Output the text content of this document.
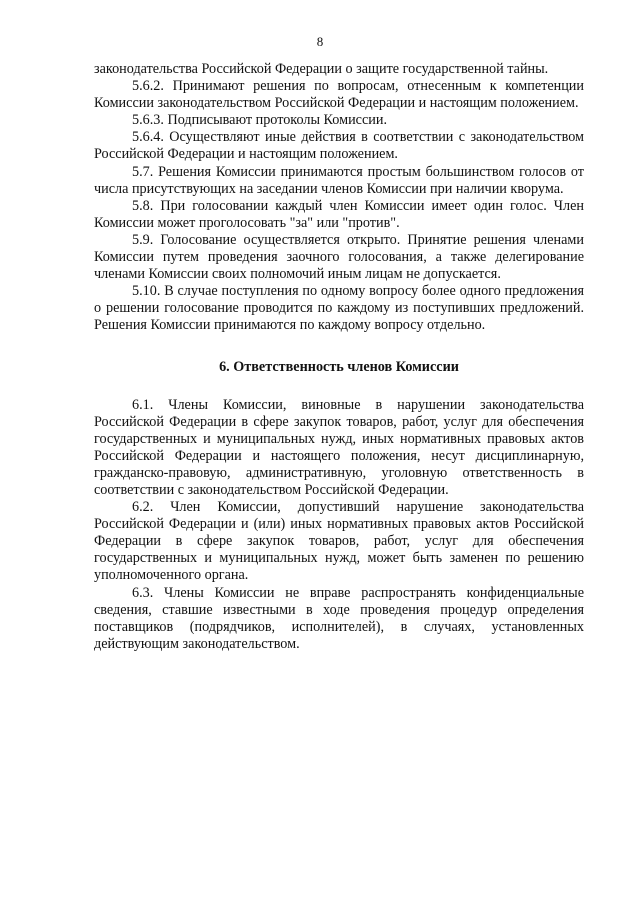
8

законодательства Российской Федерации о защите государственной тайны.

5.6.2. Принимают решения по вопросам, отнесенным к компетенции Комиссии законодательством Российской Федерации и настоящим положением.

5.6.3. Подписывают протоколы Комиссии.

5.6.4. Осуществляют иные действия в соответствии с законодательством Российской Федерации и настоящим положением.

5.7. Решения Комиссии принимаются простым большинством голосов от числа присутствующих на заседании членов Комиссии при наличии кворума.

5.8. При голосовании каждый член Комиссии имеет один голос. Член Комиссии может проголосовать "за" или "против".

5.9. Голосование осуществляется открыто. Принятие решения членами Комиссии путем проведения заочного голосования, а также делегирование членами Комиссии своих полномочий иным лицам не допускается.

5.10. В случае поступления по одному вопросу более одного предложения о решении голосование проводится по каждому из поступивших предложений. Решения Комиссии принимаются по каждому вопросу отдельно.

6. Ответственность членов Комиссии

6.1. Члены Комиссии, виновные в нарушении законодательства Российской Федерации в сфере закупок товаров, работ, услуг для обеспечения государственных и муниципальных нужд, иных нормативных правовых актов Российской Федерации и настоящего положения, несут дисциплинарную, гражданско-правовую, административную, уголовную ответственность в соответствии с законодательством Российской Федерации.

6.2. Член Комиссии, допустивший нарушение законодательства Российской Федерации и (или) иных нормативных правовых актов Российской Федерации в сфере закупок товаров, работ, услуг для обеспечения государственных и муниципальных нужд, может быть заменен по решению уполномоченного органа.

6.3. Члены Комиссии не вправе распространять конфиденциальные сведения, ставшие известными в ходе проведения процедур определения поставщиков (подрядчиков, исполнителей), в случаях, установленных действующим законодательством.
